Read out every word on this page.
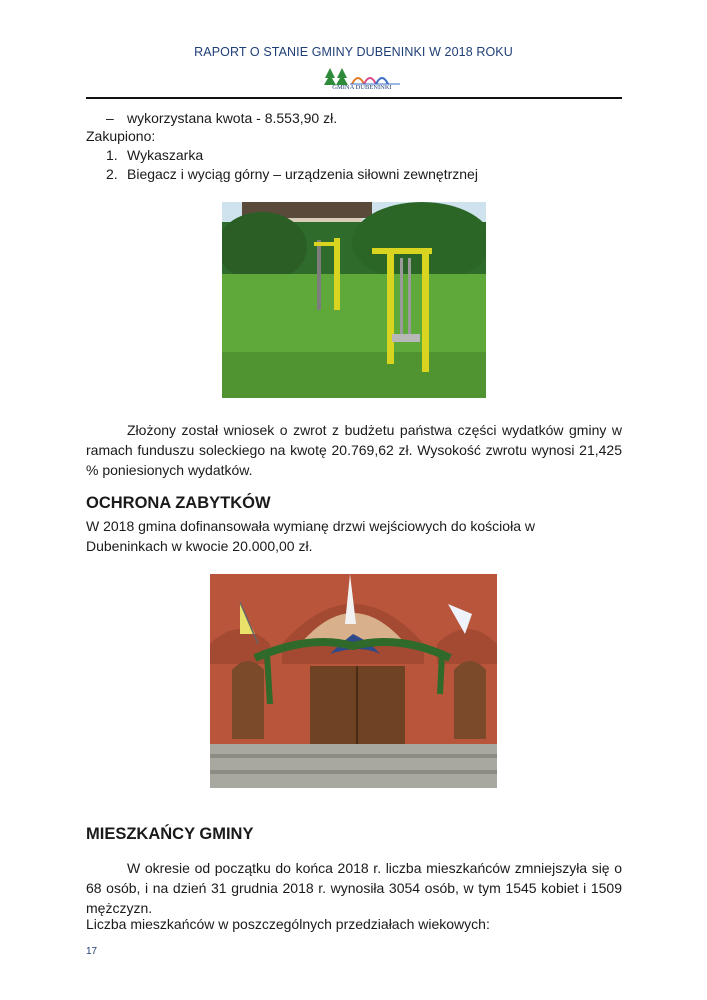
RAPORT O STANIE GMINY DUBENINKI W 2018 ROKU
GMINA DUBENINKI
– wykorzystana kwota - 8.553,90 zł.
Zakupiono:
1. Wykaszarka
2. Biegacz i wyciąg górny – urządzenia siłowni zewnętrznej
Złożony został wniosek o zwrot z budżetu państwa części wydatków gminy w ramach funduszu soleckiego na kwotę 20.769,62 zł. Wysokość zwrotu wynosi 21,425 % poniesionych wydatków.
OCHRONA ZABYTKÓW
W 2018 gmina dofinansowała wymianę drzwi wejściowych do kościoła w Dubeninkach w kwocie 20.000,00 zł.
MIESZKAŃCY GMINY
W okresie od początku do końca 2018 r. liczba mieszkańców zmniejszyła się o 68 osób, i na dzień 31 grudnia 2018 r. wynosiła 3054 osób, w tym 1545 kobiet i 1509 mężczyzn.
Liczba mieszkańców w poszczególnych przedziałach wiekowych:
17
